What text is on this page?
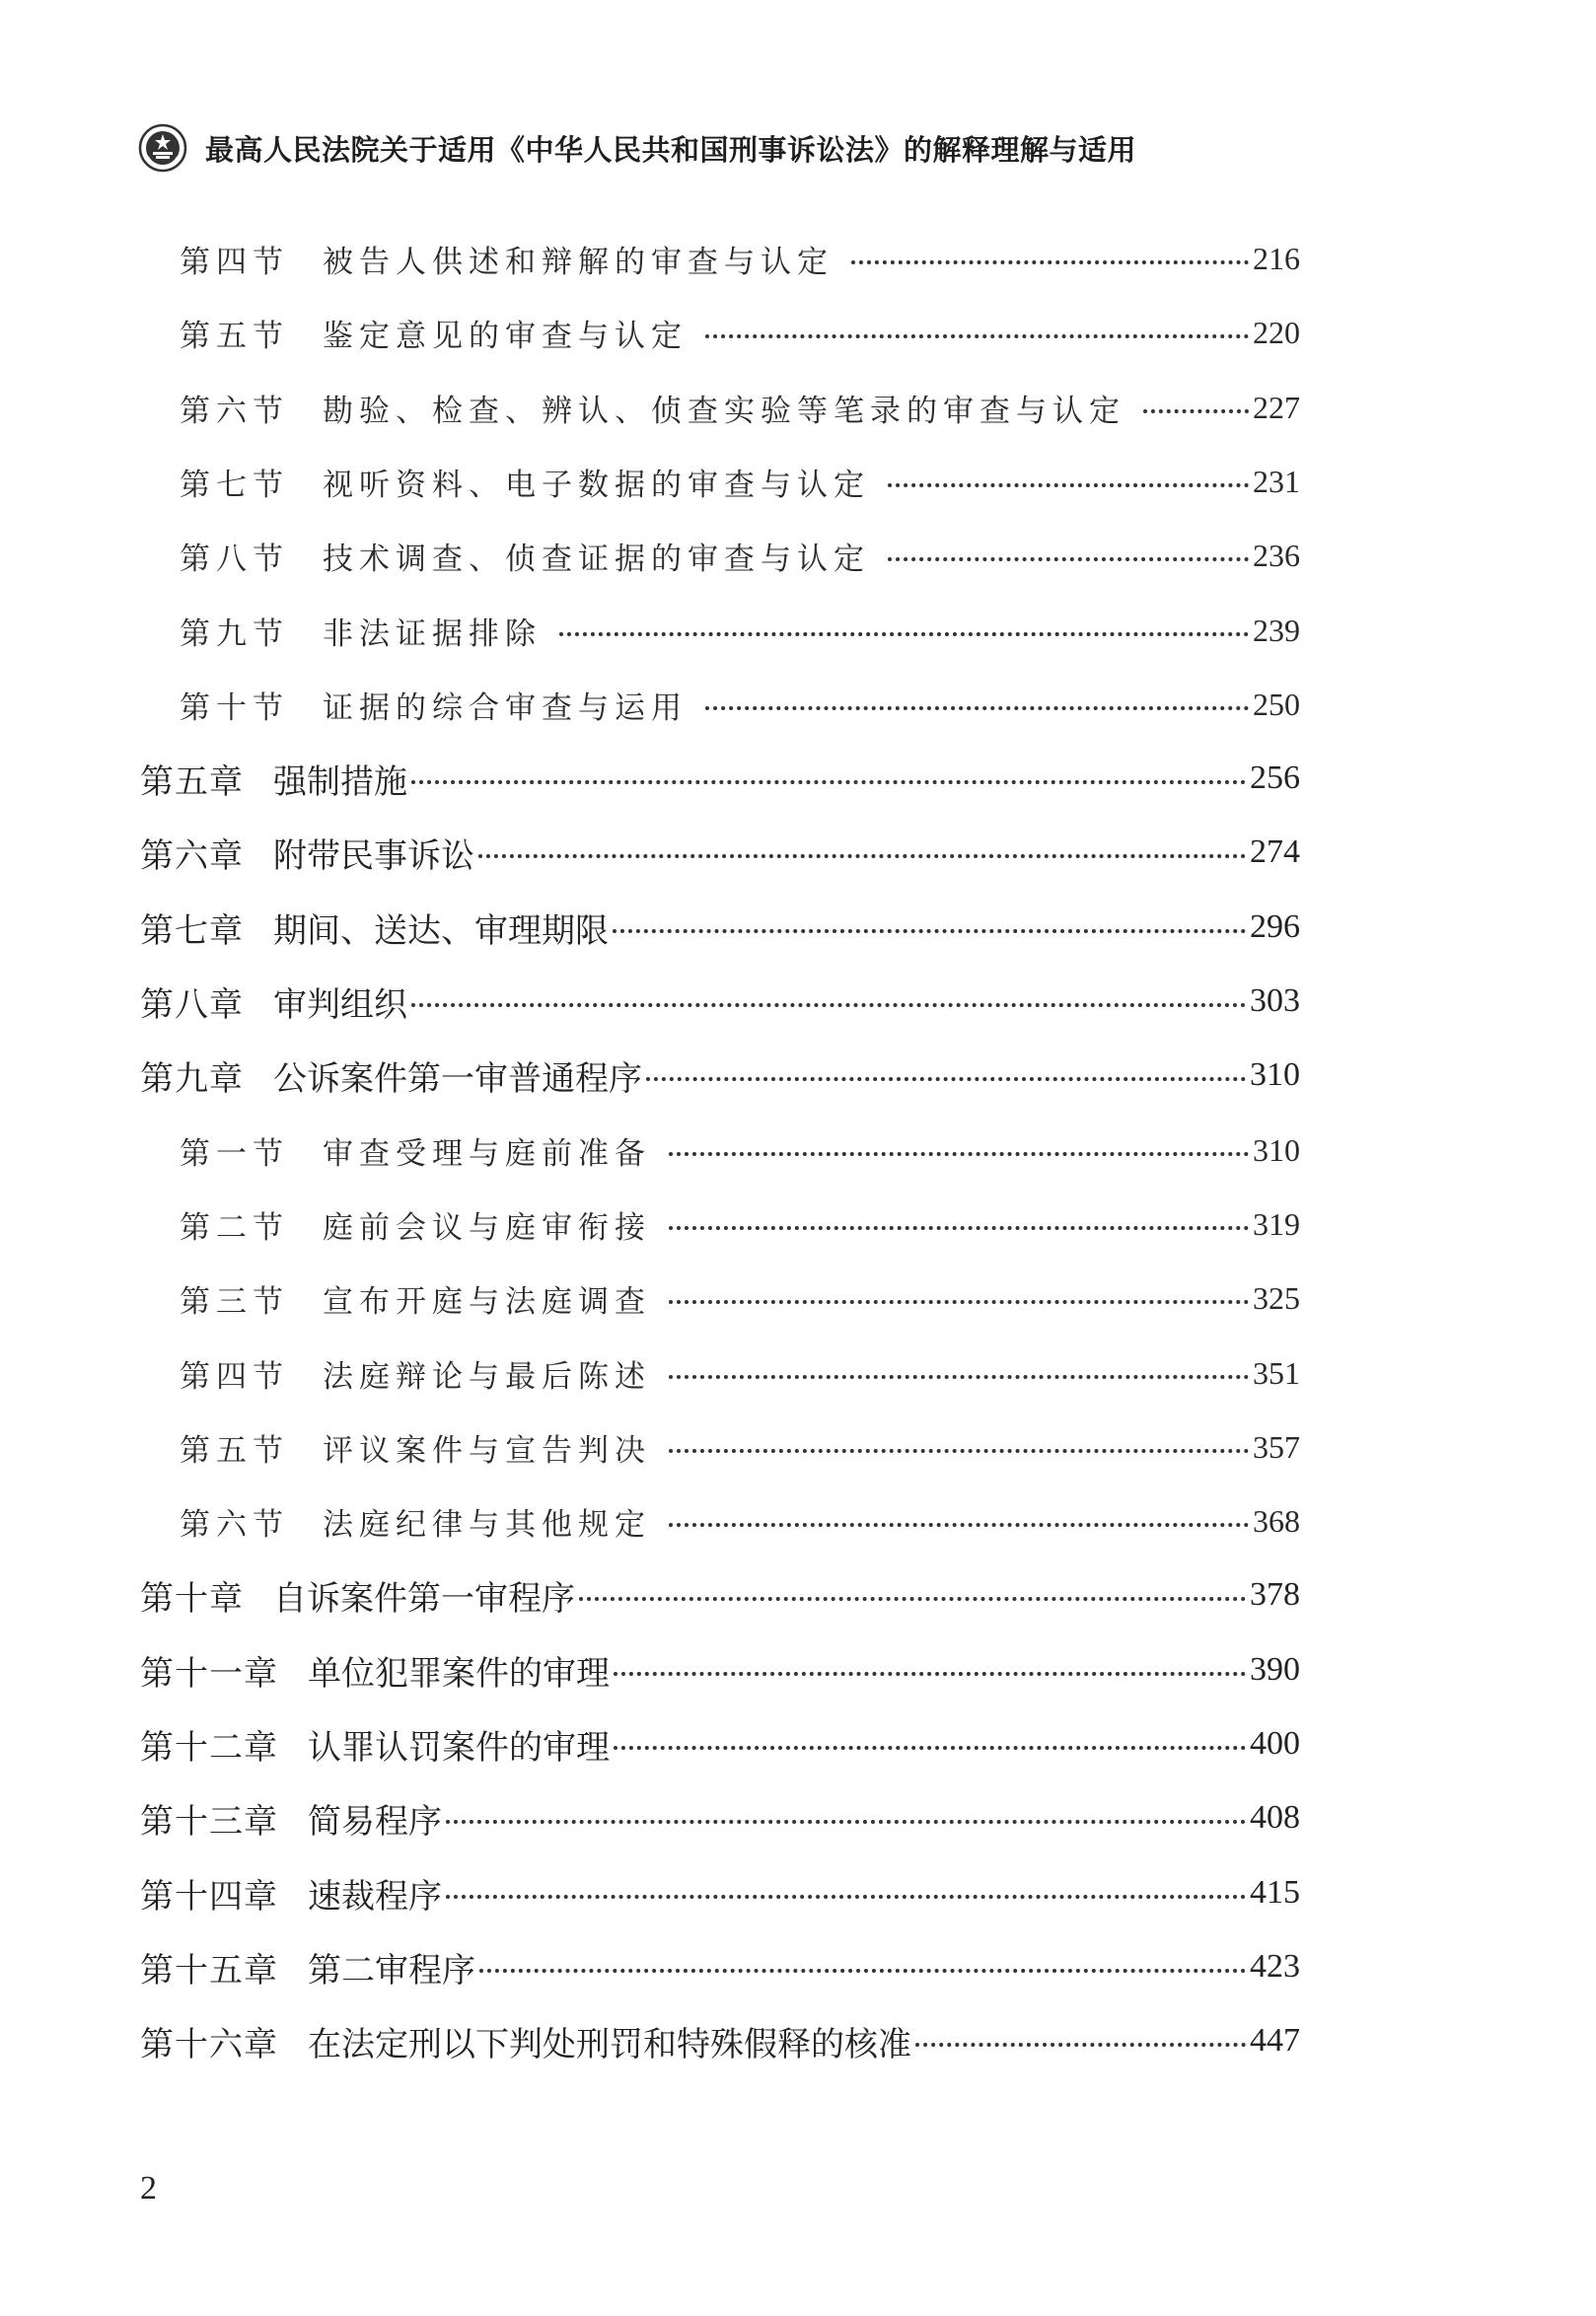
最高人民法院关于适用《中华人民共和国刑事诉讼法》的解释理解与适用
第四节	被告人供述和辩解的审查与认定	216
第五节	鉴定意见的审查与认定	220
第六节	勘验、检查、辨认、侦查实验等笔录的审查与认定	227
第七节	视听资料、电子数据的审查与认定	231
第八节	技术调查、侦查证据的审查与认定	236
第九节	非法证据排除	239
第十节	证据的综合审查与运用	250
第五章 强制措施	256
第六章 附带民事诉讼	274
第七章 期间、送达、审理期限	296
第八章 审判组织	303
第九章 公诉案件第一审普通程序	310
第一节	审查受理与庭前准备	310
第二节	庭前会议与庭审衔接	319
第三节	宣布开庭与法庭调查	325
第四节	法庭辩论与最后陈述	351
第五节	评议案件与宣告判决	357
第六节	法庭纪律与其他规定	368
第十章 自诉案件第一审程序	378
第十一章 单位犯罪案件的审理	390
第十二章 认罪认罚案件的审理	400
第十三章 简易程序	408
第十四章 速裁程序	415
第十五章 第二审程序	423
第十六章 在法定刑以下判处刑罚和特殊假释的核准	447
2
